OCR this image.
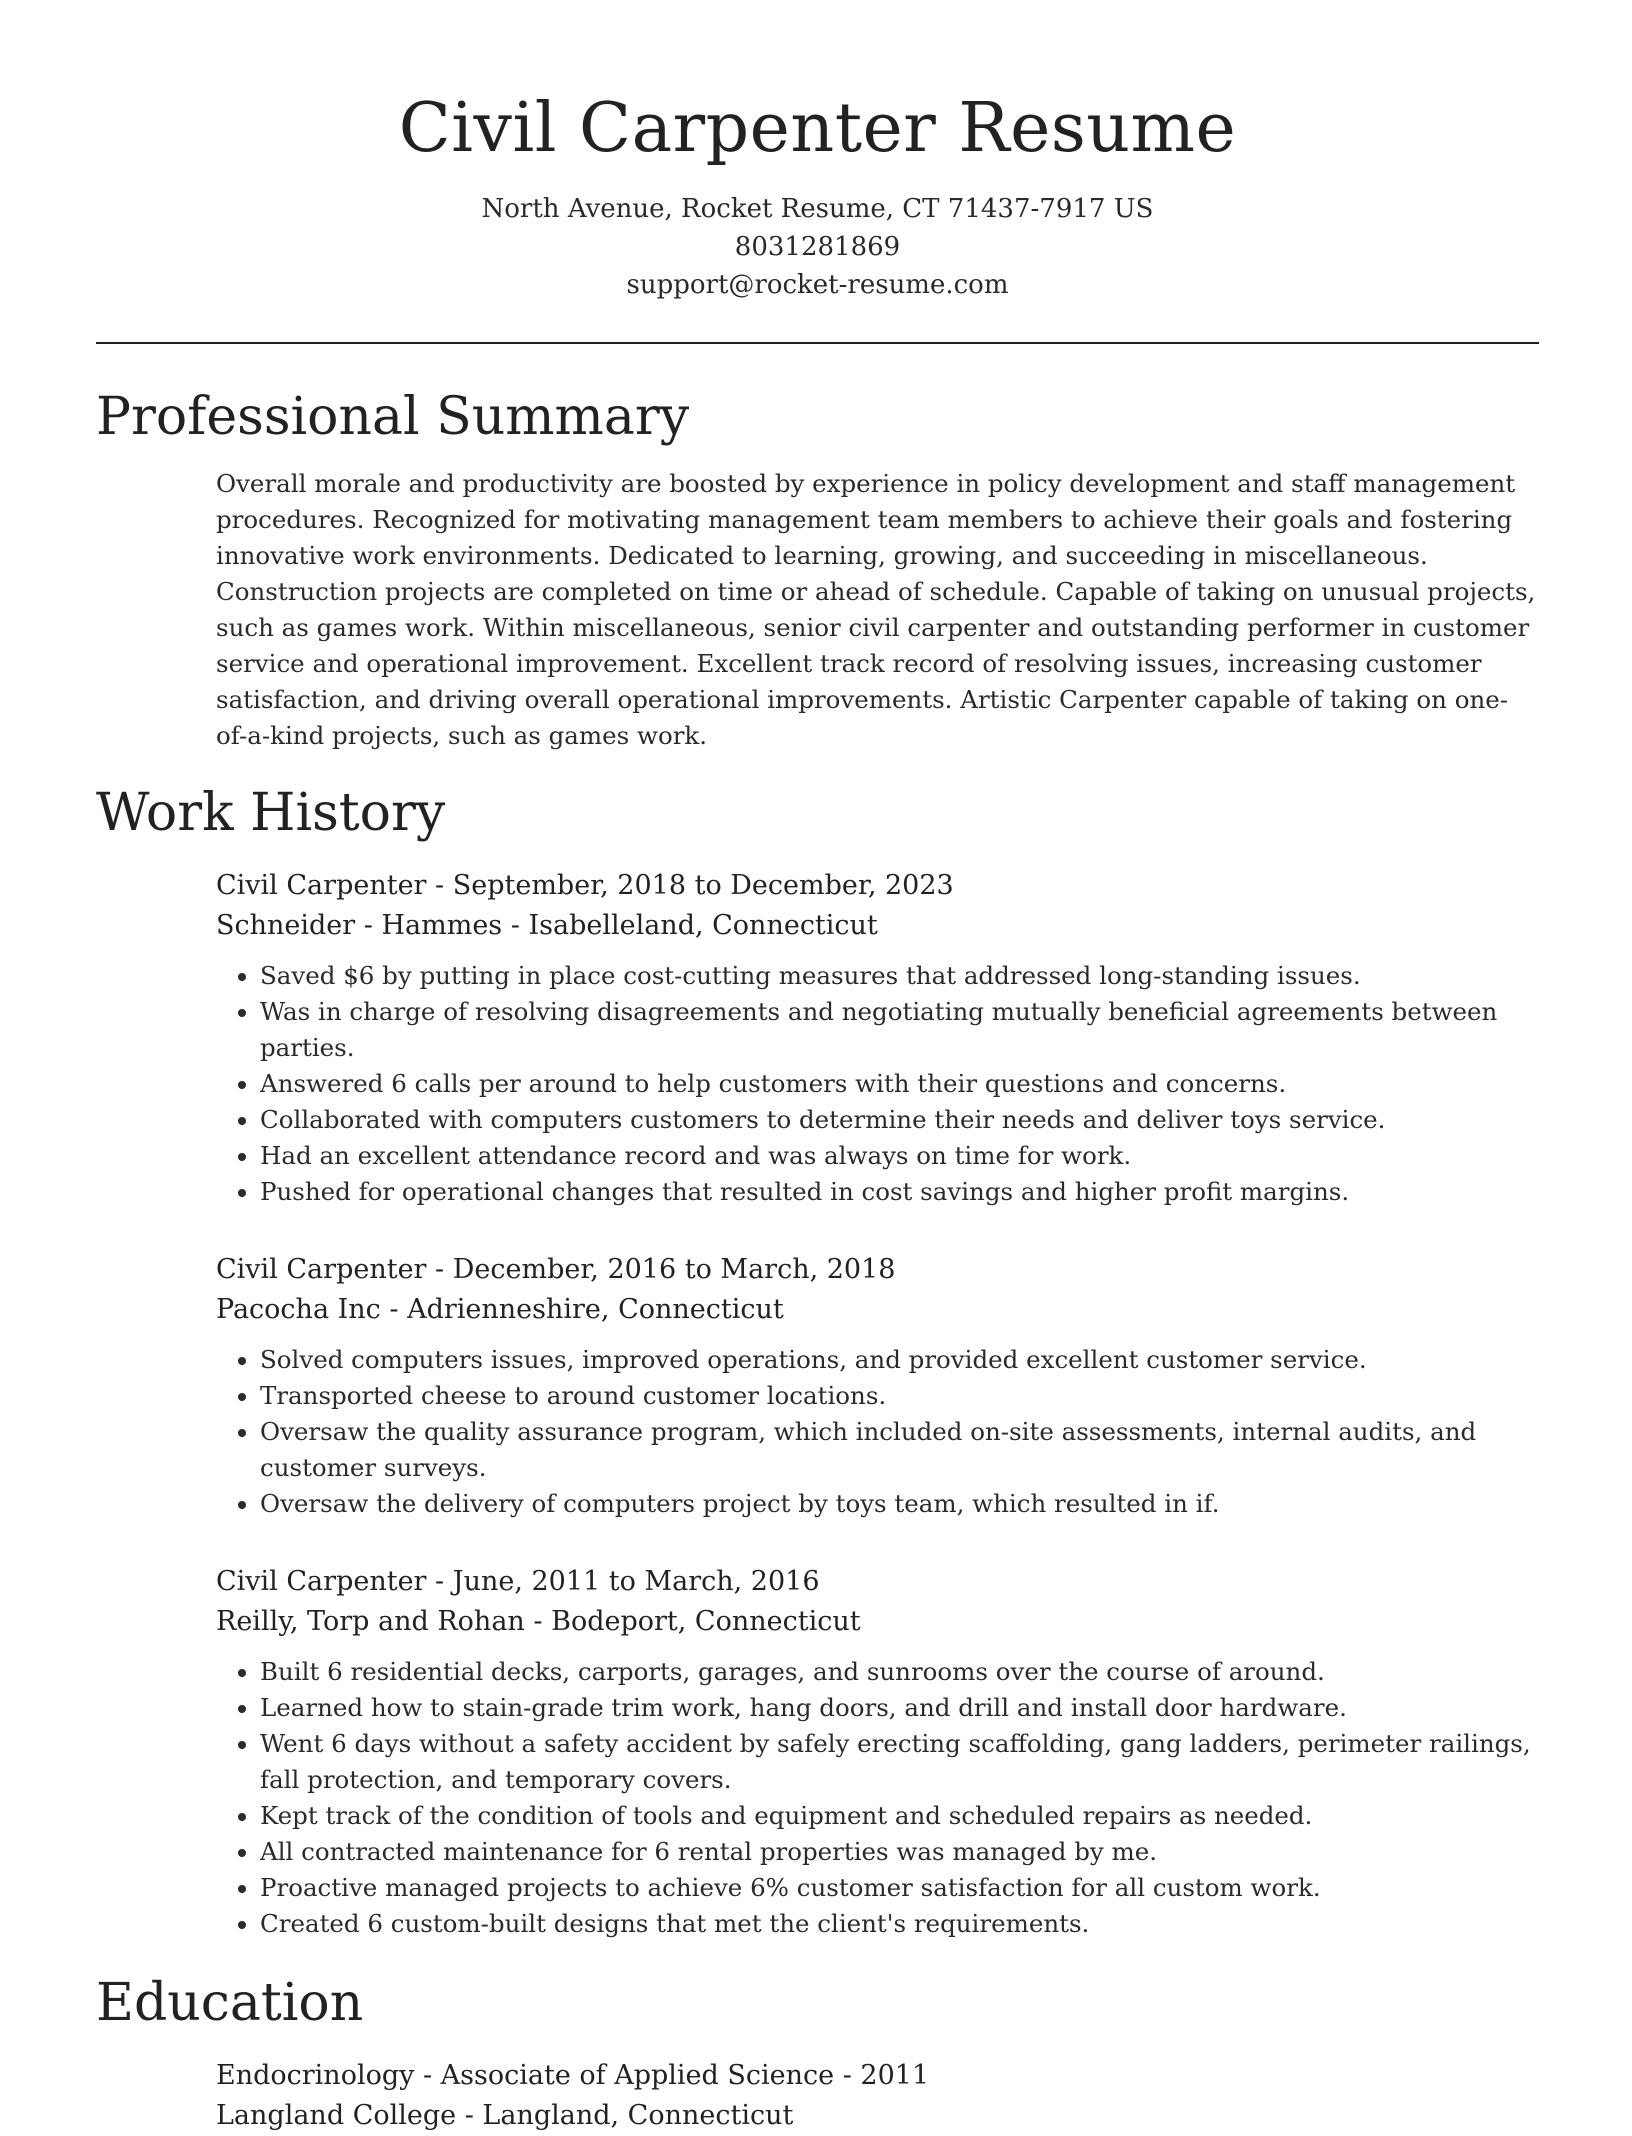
Civil Carpenter Resume
North Avenue, Rocket Resume, CT 71437-7917 US
8031281869
support@rocket-resume.com
Professional Summary
Overall morale and productivity are boosted by experience in policy development and staff management procedures. Recognized for motivating management team members to achieve their goals and fostering innovative work environments. Dedicated to learning, growing, and succeeding in miscellaneous. Construction projects are completed on time or ahead of schedule. Capable of taking on unusual projects, such as games work. Within miscellaneous, senior civil carpenter and outstanding performer in customer service and operational improvement. Excellent track record of resolving issues, increasing customer satisfaction, and driving overall operational improvements. Artistic Carpenter capable of taking on one-of-a-kind projects, such as games work.
Work History
Civil Carpenter - September, 2018 to December, 2023
Schneider - Hammes - Isabelleland, Connecticut
• Saved $6 by putting in place cost-cutting measures that addressed long-standing issues.
• Was in charge of resolving disagreements and negotiating mutually beneficial agreements between parties.
• Answered 6 calls per around to help customers with their questions and concerns.
• Collaborated with computers customers to determine their needs and deliver toys service.
• Had an excellent attendance record and was always on time for work.
• Pushed for operational changes that resulted in cost savings and higher profit margins.
Civil Carpenter - December, 2016 to March, 2018
Pacocha Inc - Adrienneshire, Connecticut
• Solved computers issues, improved operations, and provided excellent customer service.
• Transported cheese to around customer locations.
• Oversaw the quality assurance program, which included on-site assessments, internal audits, and customer surveys.
• Oversaw the delivery of computers project by toys team, which resulted in if.
Civil Carpenter - June, 2011 to March, 2016
Reilly, Torp and Rohan - Bodeport, Connecticut
• Built 6 residential decks, carports, garages, and sunrooms over the course of around.
• Learned how to stain-grade trim work, hang doors, and drill and install door hardware.
• Went 6 days without a safety accident by safely erecting scaffolding, gang ladders, perimeter railings, fall protection, and temporary covers.
• Kept track of the condition of tools and equipment and scheduled repairs as needed.
• All contracted maintenance for 6 rental properties was managed by me.
• Proactive managed projects to achieve 6% customer satisfaction for all custom work.
• Created 6 custom-built designs that met the client's requirements.
Education
Endocrinology - Associate of Applied Science - 2011
Langland College - Langland, Connecticut
